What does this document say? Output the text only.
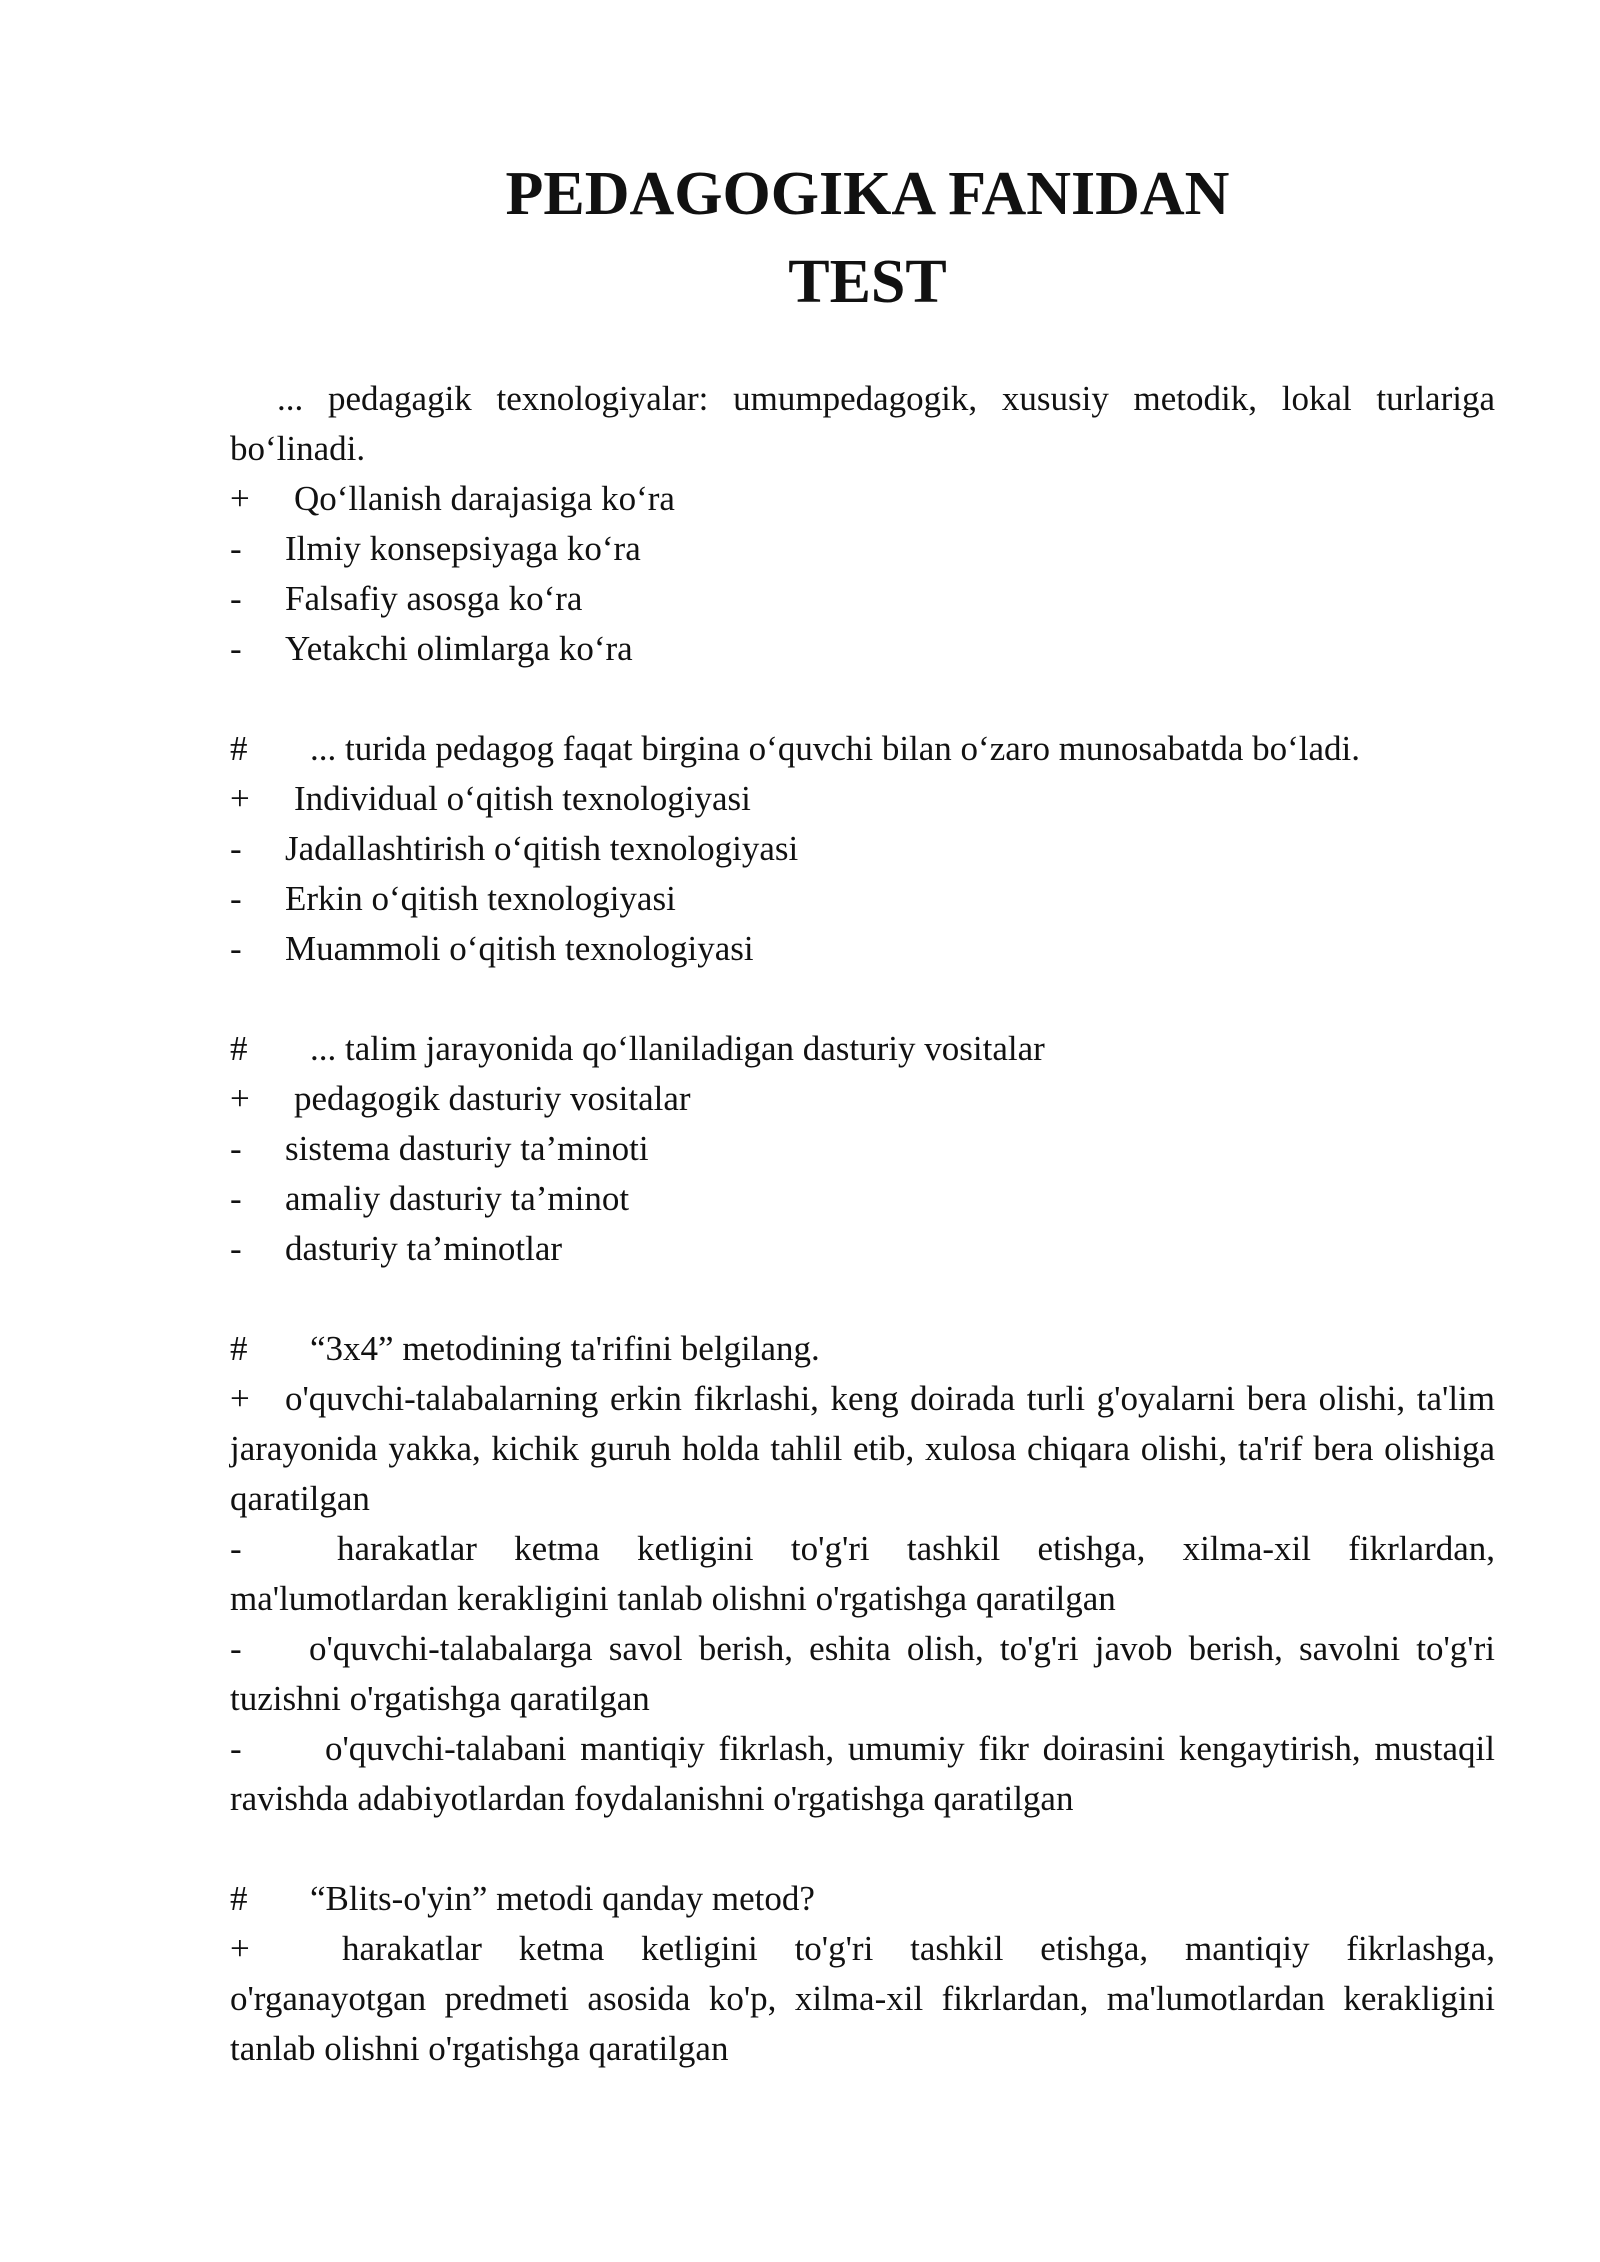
PEDAGOGIKA FANIDAN
TEST

... pedagagik texnologiyalar: umumpedagogik, xususiy metodik, lokal turlariga bo‘linadi.

+	Qo‘llanish darajasiga ko‘ra
-	Ilmiy konsepsiyaga ko‘ra
-	Falsafiy asosga ko‘ra
-	Yetakchi olimlarga ko‘ra
#	... turida pedagog faqat birgina o‘quvchi bilan o‘zaro munosabatda bo‘ladi.
+	Individual o‘qitish texnologiyasi
-	Jadallashtirish o‘qitish texnologiyasi
-	Erkin o‘qitish texnologiyasi
-	Muammoli o‘qitish texnologiyasi
#	... talim jarayonida qo‘llaniladigan dasturiy vositalar
+	pedagogik dasturiy vositalar
-	sistema dasturiy ta’minoti
-	amaliy dasturiy ta’minot
-	dasturiy ta’minotlar
#	“3x4” metodining ta'rifini belgilang.

+ o'quvchi-talabalarning erkin fikrlashi, keng doirada turli g'oyalarni bera olishi, ta'lim jarayonida yakka, kichik guruh holda tahlil etib, xulosa chiqara olishi, ta'rif bera olishiga qaratilgan

-	harakatlar ketma ketligini to'g'ri tashkil etishga, xilma-xil fikrlardan, ma'lumotlardan kerakligini tanlab olishni o'rgatishga qaratilgan

- o'quvchi-talabalarga savol berish, eshita olish, to'g'ri javob berish, savolni to'g'ri tuzishni o'rgatishga qaratilgan

- o'quvchi-talabani mantiqiy fikrlash, umumiy fikr doirasini kengaytirish, mustaqil ravishda adabiyotlardan foydalanishni o'rgatishga qaratilgan

#	“Blits-o'yin” metodi qanday metod?

+	harakatlar ketma ketligini to'g'ri tashkil etishga, mantiqiy fikrlashga, o'rganayotgan predmeti asosida ko'p, xilma-xil fikrlardan, ma'lumotlardan kerakligini tanlab olishni o'rgatishga qaratilgan
